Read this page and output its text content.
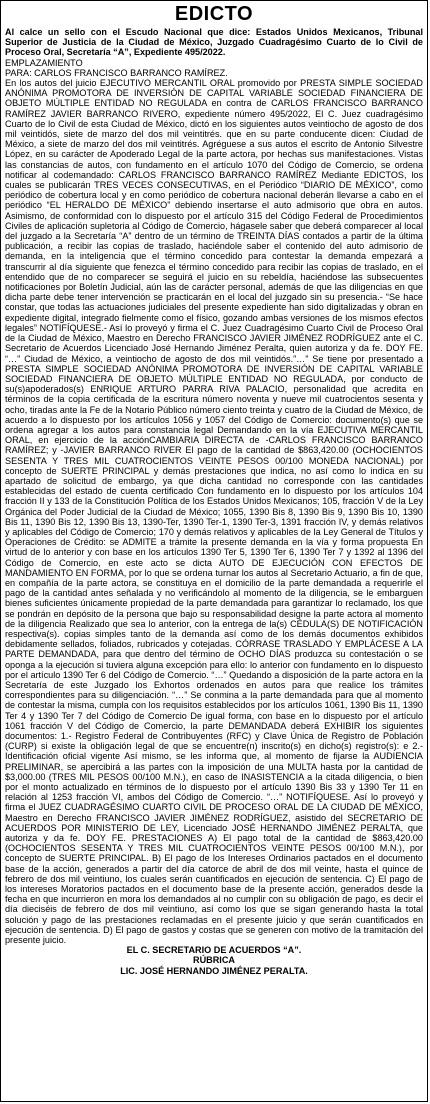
EDICTO

Al calce un sello con el Escudo Nacional que dice: Estados Unidos Mexicanos, Tribunal Superior de Justicia de la Ciudad de México, Juzgado Cuadragésimo Cuarto de lo Civil de Proceso Oral, Secretaría “A”, Expediente 495/2022.

EMPLAZAMIENTO

PARA: CARLOS FRANCISCO BARRANCO RAMÍREZ.

En los autos del juicio EJECUTIVO MERCANTIL ORAL promovido por PRESTA SIMPLE SOCIEDAD ANÓNIMA PROMOTORA DE INVERSIÓN DE CAPITAL VARIABLE SOCIEDAD FINANCIERA DE OBJETO MÚLTIPLE ENTIDAD NO REGULADA en contra de CARLOS FRANCISCO BARRANCO RAMÍREZ JAVIER BARRANCO RIVERO, expediente número 495/2022, El C. Juez cuadragésimo Cuarto de lo Civil de esta Ciudad de México, dictó en los siguientes autos veintiocho de agosto de dos mil veintidós, siete de marzo del dos mil veintitrés. que en su parte conducente dicen: Ciudad de México, a siete de marzo del dos mil veintitrés. Agréguese a sus autos el escrito de Antonio Silvestre López, en su carácter de Apoderado Legal de la parte actora, por hechas sus manifestaciones. Vistas las constancias de autos, con fundamento en el artículo 1070 del Código de Comercio, se ordena notificar al codemandado: CARLOS FRANCISCO BARRANCO RAMÍREZ Mediante EDICTOS, los cuales se publicarán TRES VECES CONSECUTIVAS, en el Periódico “DIARIO DE MÉXICO”, como periódico de cobertura local y en como periódico de cobertura nacional deberán llevarse a cabo en el periódico “EL HERALDO DE MÉXICO” debiendo insertarse el auto admisorio que obra en autos. Asimismo, de conformidad con lo dispuesto por el artículo 315 del Código Federal de Procedimientos Civiles de aplicación supletoria al Código de Comercio, hágasele saber que deberá comparecer al local del juzgado a la Secretaría “A” dentro de un término de TREINTA DÍAS contados a partir de la última publicación, a recibir las copias de traslado, haciéndole saber el contenido del auto admisorio de demanda, en la inteligencia que el término concedido para contestar la demanda empezará a transcurrir al día siguiente que fenezca el término concedido para recibir las copias de traslado, en el entendido que de no comparecer se seguirá el juicio en su rebeldía, haciéndose las subsecuentes notificaciones por Boletín Judicial, aún las de carácter personal, además de que las diligencias en que dicha parte debe tener intervención se practicarán en el local del juzgado sin su presencia.- “Se hace constar, que todas las actuaciones judiciales del presente expediente han sido digitalizadas y obran en expediente digital, integrado fielmente como el físico, gozando ambas versiones de los mismos efectos legales” NOTIFÍQUESE.- Así lo proveyó y firma el C. Juez Cuadragésimo Cuarto Civil de Proceso Oral de la Ciudad de México, Maestro en Derecho FRANCISCO JAVIER JIMÉNEZ RODRÍGUEZ ante el C. Secretario de Acuerdos Licenciado José Hernando Jiménez Peralta, quien autoriza y da fe. DOY FE. “…” Ciudad de México, a veintiocho de agosto de dos mil veintidós.”…” Se tiene por presentado a PRESTA SIMPLE SOCIEDAD ANÓNIMA PROMOTORA DE INVERSIÓN DE CAPITAL VARIABLE SOCIEDAD FINANCIERA DE OBJETO MÚLTIPLE ENTIDAD NO REGULADA, por conducto de su(s)apoderados(s) ENRIQUE ARTURO PARRA RIVA PALACIO, personalidad que acredita en términos de la copia certificada de la escritura número noventa y nueve mil cuatrocientos sesenta y ocho, tiradas ante la Fe de la Notario Público número ciento treinta y cuatro de la Ciudad de México, de acuerdo a lo dispuesto por los artículos 1056 y 1057 del Código de Comercio: documento(s) que se ordena agregar a los autos para constancia legal Demandando en la vía EJECUTIVA MERCANTIL ORAL, en ejercicio de la acciónCAMBIARIA DIRECTA de -CARLOS FRANCISCO BARRANCO RAMÍREZ; y -JAVIER BARRANCO RIVER El pago de la cantidad de $863,420.00 (OCHOCIENTOS SESENTA Y TRES MIL CUATROCIENTOS VEINTE PESOS 00/100 MONEDA NACIONAL) por concepto de SUERTE PRINCIPAL y demás prestaciones que indica, no así como lo indica en su apartado de solicitud de embargo, ya que dicha cantidad no corresponde con las cantidades establecidas del estado de cuenta certificado Con fundamento en lo dispuesto por los artículos 104 fracción II y 133 de la Constitución Política de los Estados Unidos Mexicanos; 105, fracción V de la Ley Orgánica del Poder Judicial de la Ciudad de México; 1055, 1390 Bis 8, 1390 Bis 9, 1390 Bis 10, 1390 Bis 11, 1390 Bis 12, 1390 Bis 13, 1390-Ter, 1390 Ter-1, 1390 Ter-3, 1391 fracción IV, y demás relativos y aplicables del Código de Comercio; 170 y demás relativos y aplicables de la Ley General de Títulos y Operaciones de Crédito: se ADMITE a trámite la presente demanda en la vía y forma propuesta En virtud de lo anterior y con base en los artículos 1390 Ter 5, 1390 Ter 6, 1390 Ter 7 y 1392 al 1396 del Código de Comercio, en este acto se dicta AUTO DE EJECUCIÓN CON EFECTOS DE MANDAMIENTO EN FORMA, por lo que se ordena turnar los autos al Secretario Actuario, a fin de que, en compañía de la parte actora, se constituya en el domicilio de la parte demandada a requerirle el pago de la cantidad antes señalada y no verificándolo al momento de la diligencia, se le embarguen bienes suficientes únicamente propiedad de la parte demandada para garantizar lo reclamado, los que se pondrán en depósito de la persona que bajo su responsabilidad designe la parte actora al momento de la diligencia Realizado que sea lo anterior, con la entrega de la(s) CÉDULA(S) DE NOTIFICACIÓN respectiva(s). copias simples tanto de la demanda así como de los demás documentos exhibidos debidamente sellados, foliados, rubricados y cotejadas. CÓRRASE TRASLADO Y EMPLÁCESE A LA PARTE DEMANDADA, para que dentro del término de OCHO DÍAS produzca su contestación o se oponga a la ejecución si tuviera alguna excepción para ello: lo anterior con fundamento en lo dispuesto por el artículo 1390 Ter 6 del Código de Comercio. “…” Quedando a disposición de la parte actora en la Secretaría de este Juzgado los Exhortos ordenados en autos para que realice los trámites correspondientes para su diligenciación. “…” Se conmina a la parte demandada para que al momento de contestar la misma, cumpla con los requisitos establecidos por los artículos 1061, 1390 Bis 11, 1390 Ter 4 y 1390 Ter 7 del Código de Comercio De igual forma, con base en lo dispuesto por el artículo 1061 fracción V del Código de Comercio, la parte DEMANDADA deberá EXHIBIR los siguientes documentos: 1.- Registro Federal de Contribuyentes (RFC) y Clave Única de Registro de Población (CURP) si existe la obligación legal de que se encuentre(n) inscrito(s) en dicho(s) registro(s): e 2.- Identificación oficial vigente Así mismo, se les informa que, al momento de fijarse la AUDIENCIA PRELIMINAR, se apercibirá a las partes con la imposición de una MULTA hasta por la cantidad de $3,000.00 (TRES MIL PESOS 00/100 M.N.), en caso de INASISTENCIA a la citada diligencia, o bien por el monto actualizado en términos de lo dispuesto por el artículo 1390 Bis 33 y 1390 Ter 11 en relación al 1253 fracción VI, ambos del Código de Comercio. “…” NOTIFÍQUESE. Así lo proveyó y firma el JUEZ CUADRAGÉSIMO CUARTO CIVIL DE PROCESO ORAL DE LA CIUDAD DE MÉXICO, Maestro en Derecho FRANCISCO JAVIER JIMÉNEZ RODRÍGUEZ, asistido del SECRETARIO DE ACUERDOS POR MINISTERIO DE LEY, Licenciado JOSÉ HERNANDO JIMÉNEZ PERALTA, que autoriza y da fe. DOY FE. PRESTACIONES A) El pago total de la cantidad de $863,420.00 (OCHOCIENTOS SESENTA Y TRES MIL CUATROCIENTOS VEINTE PESOS 00/100 M.N.), por concepto de SUERTE PRINCIPAL. B) El pago de los Intereses Ordinarios pactados en el documento base de la acción, generados a partir del día catorce de abril de dos mil veinte, hasta el quince de febrero de dos mil veintiuno, los cuales serán cuantificados en ejecución de sentencia. C) El pago de los intereses Moratorios pactados en el documento base de la presente acción, generados desde la fecha en que incurrieron en mora los demandados al no cumplir con su obligación de pago, es decir el día dieciséis de febrero de dos mil veintiuno, así como los que se sigan generando hasta la total solución y pago de las prestaciones reclamadas en el presente juicio y que serán cuantificados en ejecución de sentencia. D) El pago de gastos y costas que se generen con motivo de la tramitación del presente juicio.

EL C. SECRETARIO DE ACUERDOS “A”.

RÚBRICA

LIC. JOSÉ HERNANDO JIMÉNEZ PERALTA.
